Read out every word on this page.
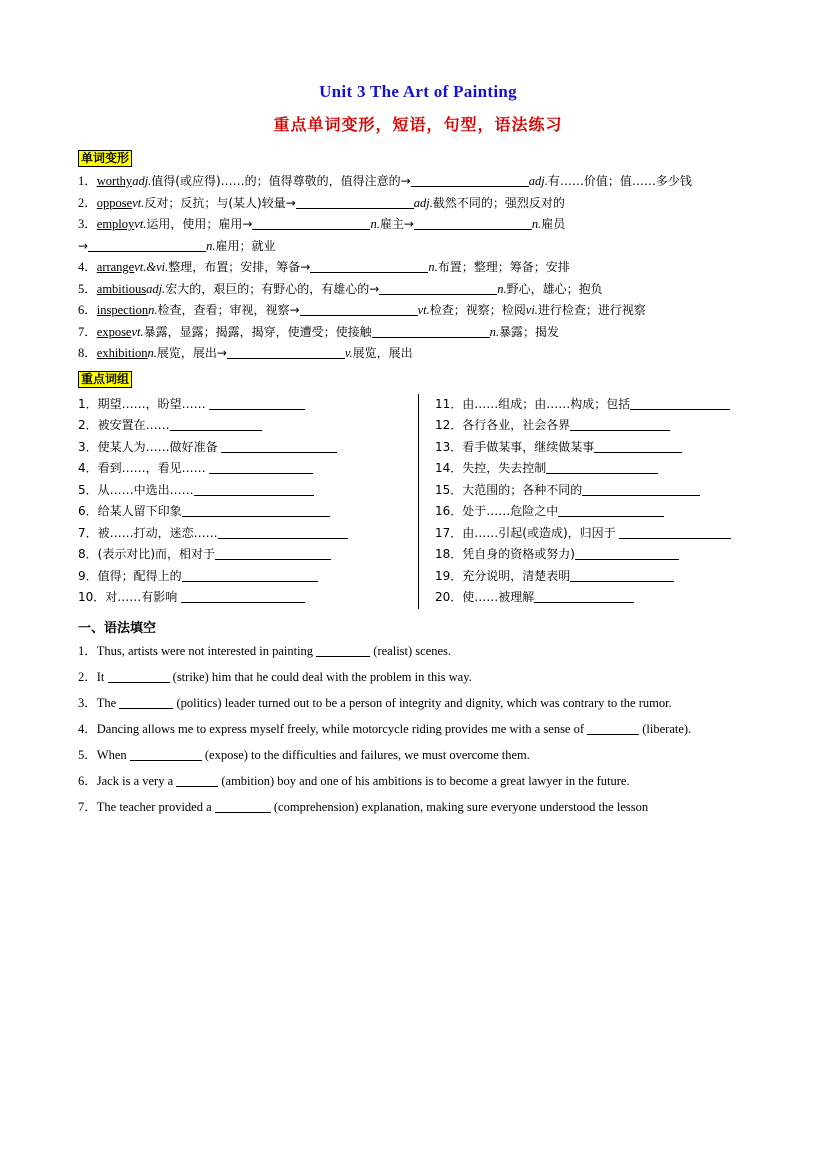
Unit 3 The Art of Painting
重点单词变形，短语，句型，语法练习
单词变形
1．worthyadj.值得(或应得)……的；值得尊敬的，值得注意的→	adj.有……价值；值……多少钱
2．opposevt.反对；反抗；与(某人)较量→	adj.截然不同的；强烈反对的
3．employvt.运用，使用；雇用→	n.雇主→	n.雇员
→	n.雇用；就业
4．arrangevt.&vi.整理，布置；安排，筹备→	n.布置；整理；筹备；安排
5．ambitiousadj.宏大的，艰巨的；有野心的，有雄心的→	n.野心，雄心；抱负
6．inspectionn.检查，查看；审视，视察→	vt.检查；视察；检阅vi.进行检查；进行视察
7．exposevt.暴露，显露；揭露，揭穿，使遭受；使接触	n.暴露；揭发
8．exhibitionn.展览，展出→	v.展览，展出
重点词组
1．期望……，盼望……
2．被安置在……
3．使某人为……做好准备
4．看到……，看见……
5．从……中选出……
6．给某人留下印象
7．被……打动，迷恋……
8．(表示对比)而，相对于
9．值得；配得上的
10．对……有影响
11．由……组成；由……构成；包括
12．各行各业，社会各界
13．看手做某事，继续做某事
14．失控，失去控制
15．大范围的；各种不同的
16．处于……危险之中
17．由……引起(或造成)，归因于
18．凭自身的资格或努力)
19．充分说明，清楚表明
20．使……被理解
一、语法填空
1．Thus, artists were not interested in painting	(realist) scenes.
2．It	(strike) him that he could deal with the problem in this way.
3．The	(politics) leader turned out to be a person of integrity and dignity, which was contrary to the rumor.
4．Dancing allows me to express myself freely, while motorcycle riding provides me with a sense of	(liberate).
5．When	(expose) to the difficulties and failures, we must overcome them.
6．Jack is a very a	(ambition) boy and one of his ambitions is to become a great lawyer in the future.
7．The teacher provided a	(comprehension) explanation, making sure everyone understood the lesson
